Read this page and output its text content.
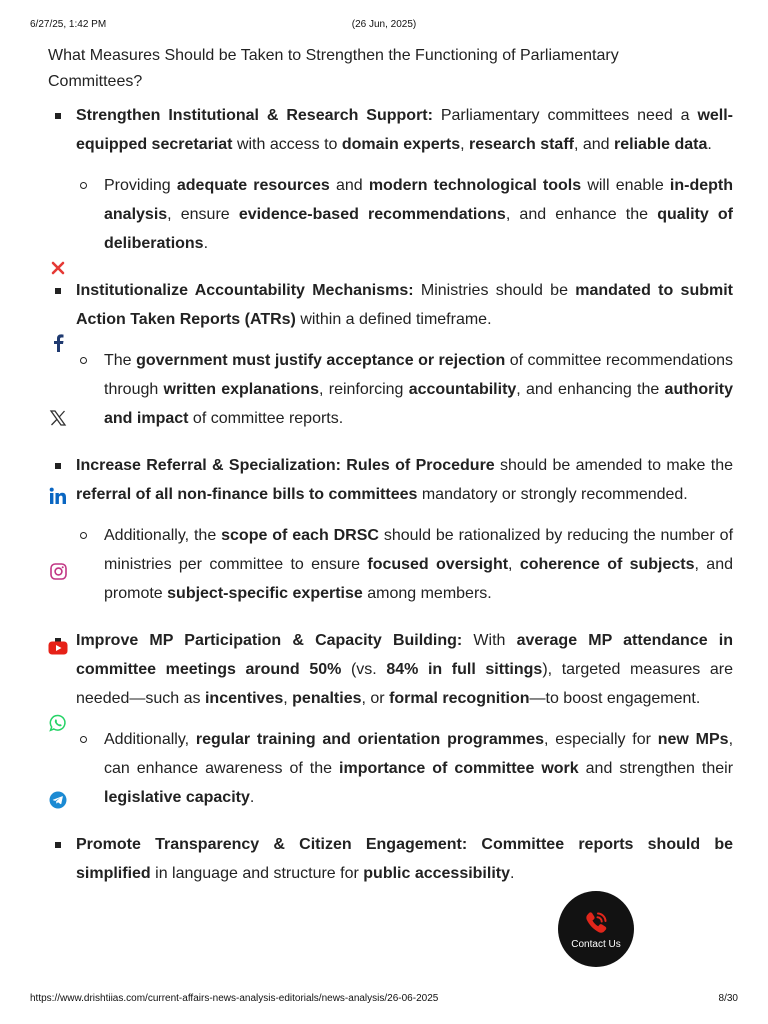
6/27/25, 1:42 PM	(26 Jun, 2025)
What Measures Should be Taken to Strengthen the Functioning of Parliamentary
Committees?
Strengthen Institutional & Research Support: Parliamentary committees need a well-equipped secretariat with access to domain experts, research staff, and reliable data.
Providing adequate resources and modern technological tools will enable in-depth analysis, ensure evidence-based recommendations, and enhance the quality of deliberations.
Institutionalize Accountability Mechanisms: Ministries should be mandated to submit Action Taken Reports (ATRs) within a defined timeframe.
The government must justify acceptance or rejection of committee recommendations through written explanations, reinforcing accountability, and enhancing the authority and impact of committee reports.
Increase Referral & Specialization: Rules of Procedure should be amended to make the referral of all non-finance bills to committees mandatory or strongly recommended.
Additionally, the scope of each DRSC should be rationalized by reducing the number of ministries per committee to ensure focused oversight, coherence of subjects, and promote subject-specific expertise among members.
Improve MP Participation & Capacity Building: With average MP attendance in committee meetings around 50% (vs. 84% in full sittings), targeted measures are needed—such as incentives, penalties, or formal recognition—to boost engagement.
Additionally, regular training and orientation programmes, especially for new MPs, can enhance awareness of the importance of committee work and strengthen their legislative capacity.
Promote Transparency & Citizen Engagement: Committee reports should be simplified in language and structure for public accessibility.
Contact Us
https://www.drishtiias.com/current-affairs-news-analysis-editorials/news-analysis/26-06-2025	8/30
